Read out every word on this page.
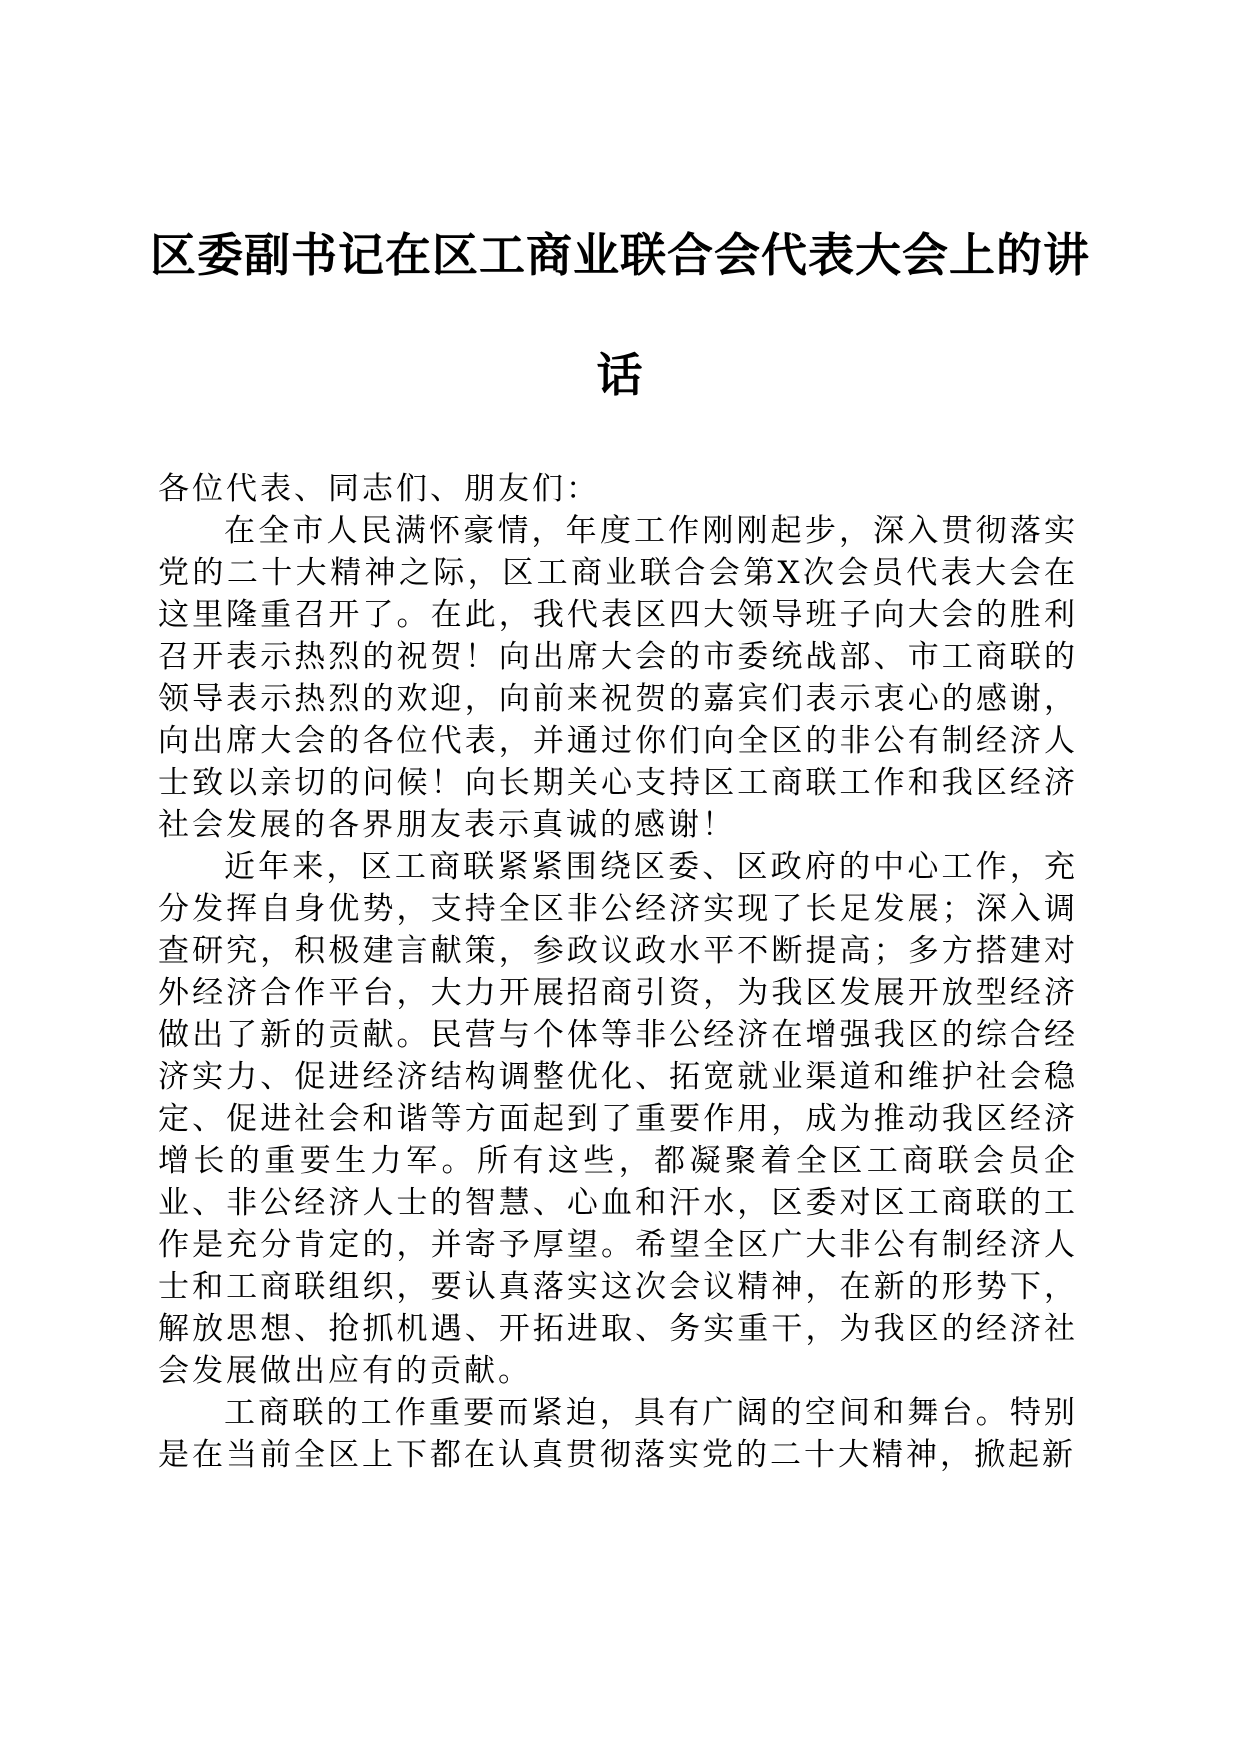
区委副书记在区工商业联合会代表大会上的讲
话

各位代表、同志们、朋友们：

在全市人民满怀豪情，年度工作刚刚起步，深入贯彻落实党的二十大精神之际，区工商业联合会第X次会员代表大会在这里隆重召开了。在此，我代表区四大领导班子向大会的胜利召开表示热烈的祝贺！向出席大会的市委统战部、市工商联的领导表示热烈的欢迎，向前来祝贺的嘉宾们表示衷心的感谢，向出席大会的各位代表，并通过你们向全区的非公有制经济人士致以亲切的问候！向长期关心支持区工商联工作和我区经济社会发展的各界朋友表示真诚的感谢！

近年来，区工商联紧紧围绕区委、区政府的中心工作，充分发挥自身优势，支持全区非公经济实现了长足发展；深入调查研究，积极建言献策，参政议政水平不断提高；多方搭建对外经济合作平台，大力开展招商引资，为我区发展开放型经济做出了新的贡献。民营与个体等非公经济在增强我区的综合经济实力、促进经济结构调整优化、拓宽就业渠道和维护社会稳定、促进社会和谐等方面起到了重要作用，成为推动我区经济增长的重要生力军。所有这些，都凝聚着全区工商联会员企业、非公经济人士的智慧、心血和汗水，区委对区工商联的工作是充分肯定的，并寄予厚望。希望全区广大非公有制经济人士和工商联组织，要认真落实这次会议精神，在新的形势下，解放思想、抢抓机遇、开拓进取、务实重干，为我区的经济社会发展做出应有的贡献。

工商联的工作重要而紧迫，具有广阔的空间和舞台。特别是在当前全区上下都在认真贯彻落实党的二十大精神，掀起新
